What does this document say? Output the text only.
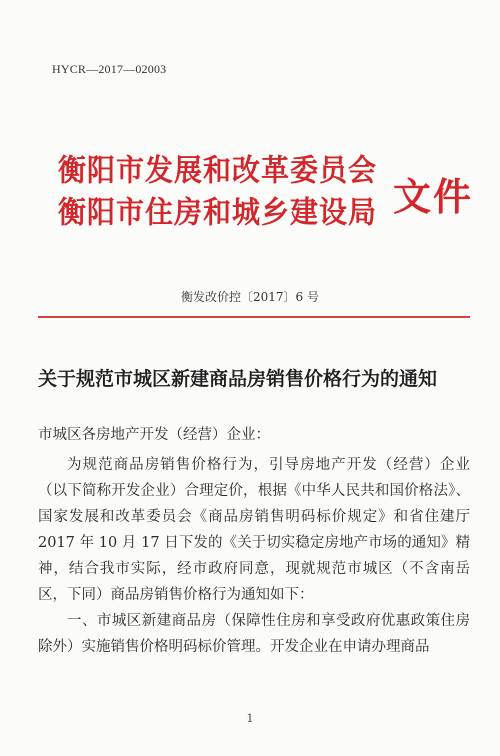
HYCR—2017—02003
衡阳市发展和改革委员会
衡阳市住房和城乡建设局 文件
衡发改价控〔2017〕6 号
关于规范市城区新建商品房销售价格行为的通知

市城区各房地产开发（经营）企业：

为规范商品房销售价格行为，引导房地产开发（经营）企业（以下简称开发企业）合理定价，根据《中华人民共和国价格法》、国家发展和改革委员会《商品房销售明码标价规定》和省住建厅 2017 年 10 月 17 日下发的《关于切实稳定房地产市场的通知》精神，结合我市实际，经市政府同意，现就规范市城区（不含南岳区，下同）商品房销售价格行为通知如下：

一、市城区新建商品房（保障性住房和享受政府优惠政策住房除外）实施销售价格明码标价管理。开发企业在申请办理商品

1
